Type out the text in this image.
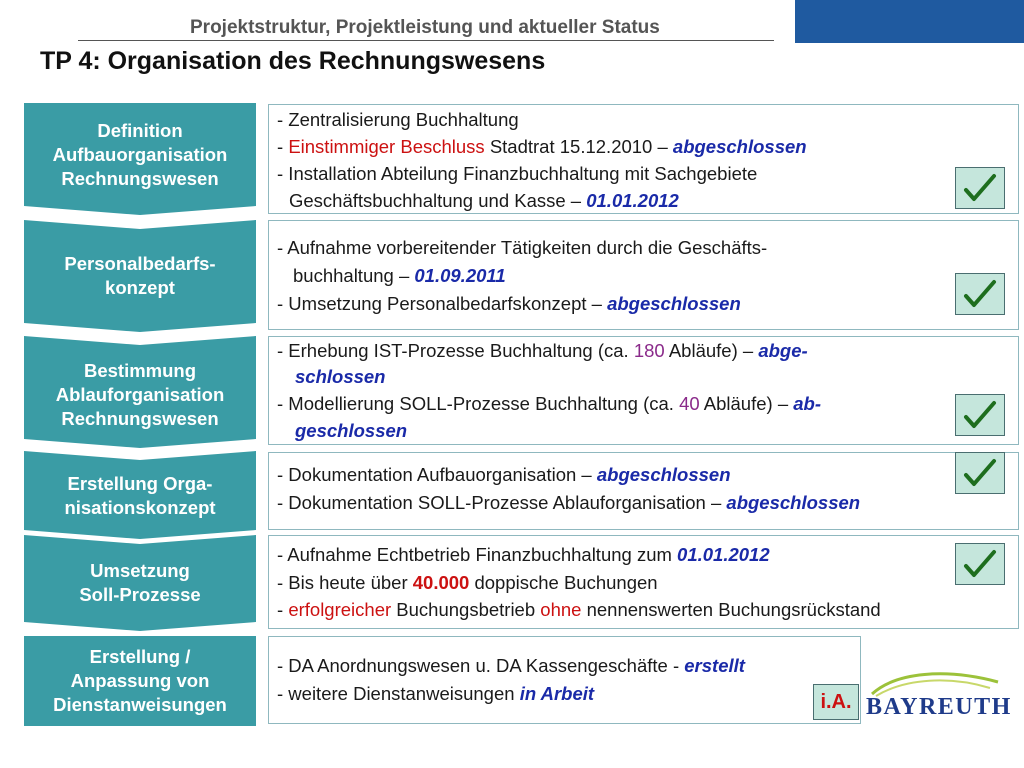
Projektstruktur, Projektleistung und aktueller Status
TP 4: Organisation des Rechnungswesens
Definition
Aufbauorganisation
Rechnungswesen
Personalbedarfs-
konzept
Bestimmung
Ablauforganisation
Rechnungswesen
Erstellung Orga-
nisationskonzept
Umsetzung
Soll-Prozesse
Erstellung /
Anpassung von
Dienstanweisungen
- Zentralisierung Buchhaltung
- Einstimmiger Beschluss Stadtrat 15.12.2010 – abgeschlossen
- Installation Abteilung Finanzbuchhaltung mit Sachgebiete
Geschäftsbuchhaltung und Kasse – 01.01.2012
- Aufnahme vorbereitender Tätigkeiten durch die Geschäfts-
buchhaltung – 01.09.2011
- Umsetzung Personalbedarfskonzept – abgeschlossen
- Erhebung IST-Prozesse Buchhaltung (ca. 180 Abläufe) – abge-
schlossen
- Modellierung SOLL-Prozesse Buchhaltung (ca. 40 Abläufe) – ab-
geschlossen
- Dokumentation Aufbauorganisation – abgeschlossen
- Dokumentation SOLL-Prozesse Ablauforganisation – abgeschlossen
- Aufnahme Echtbetrieb Finanzbuchhaltung zum 01.01.2012
- Bis heute über 40.000 doppische Buchungen
- erfolgreicher Buchungsbetrieb ohne nennenswerten Buchungsrückstand
- DA Anordnungswesen u. DA Kassengeschäfte - erstellt
- weitere Dienstanweisungen in Arbeit	i.A. BAYREUTH
